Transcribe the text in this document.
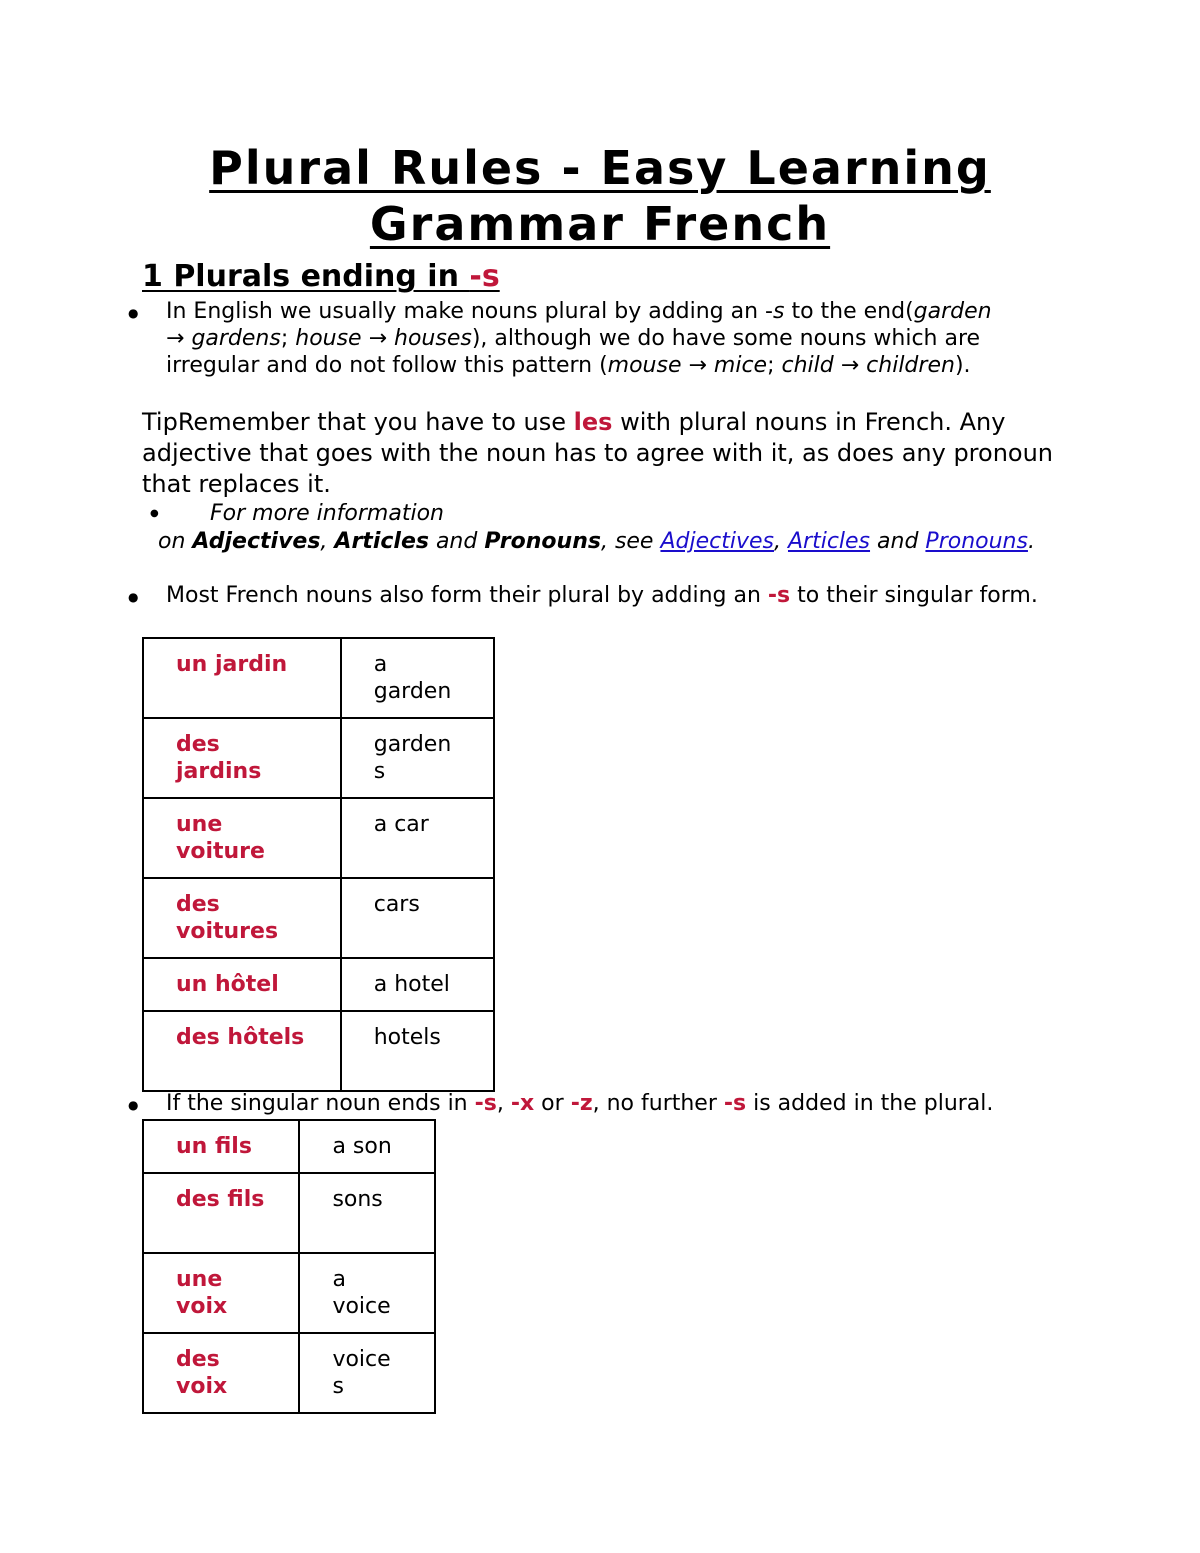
Plural Rules - Easy Learning
Grammar French
1 Plurals ending in -s
● In English we usually make nouns plural by adding an -s to the end(garden → gardens; house → houses), although we do have some nouns which are irregular and do not follow this pattern (mouse → mice; child → children).
TipRemember that you have to use les with plural nouns in French. Any adjective that goes with the noun has to agree with it, as does any pronoun that replaces it.
●	For more information
on Adjectives, Articles and Pronouns, see Adjectives, Articles and Pronouns.
● Most French nouns also form their plural by adding an -s to their singular form.
un jardin	a garden
des jardins	gardens
une voiture	a car
des voitures	cars
un hôtel	a hotel
des hôtels	hotels
● If the singular noun ends in -s, -x or -z, no further -s is added in the plural.
un fils	a son
des fils	sons
une voix	a voice
des voix	voices
